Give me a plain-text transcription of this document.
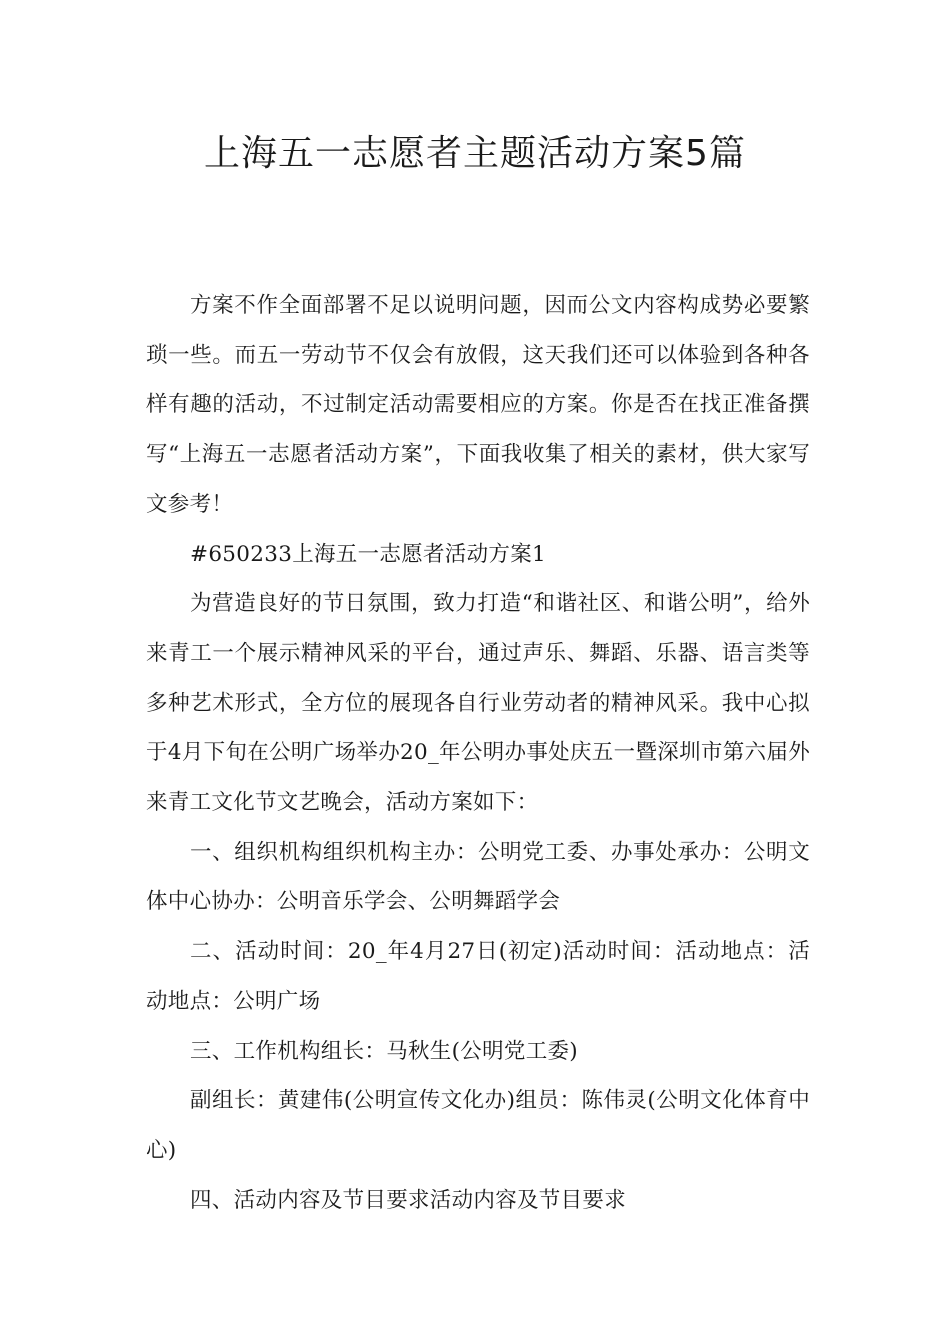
上海五一志愿者主题活动方案5篇

方案不作全面部署不足以说明问题，因而公文内容构成势必要繁琐一些。而五一劳动节不仅会有放假，这天我们还可以体验到各种各样有趣的活动，不过制定活动需要相应的方案。你是否在找正准备撰写“上海五一志愿者活动方案”，下面我收集了相关的素材，供大家写文参考！

#650233上海五一志愿者活动方案1

为营造良好的节日氛围，致力打造“和谐社区、和谐公明”，给外来青工一个展示精神风采的平台，通过声乐、舞蹈、乐器、语言类等多种艺术形式，全方位的展现各自行业劳动者的精神风采。我中心拟于4月下旬在公明广场举办20_年公明办事处庆五一暨深圳市第六届外来青工文化节文艺晚会，活动方案如下：

一、组织机构组织机构主办：公明党工委、办事处承办：公明文体中心协办：公明音乐学会、公明舞蹈学会

二、活动时间：20_年4月27日(初定)活动时间：活动地点：活动地点：公明广场

三、工作机构组长：马秋生(公明党工委)

副组长：黄建伟(公明宣传文化办)组员：陈伟灵(公明文化体育中心)

四、活动内容及节目要求活动内容及节目要求
